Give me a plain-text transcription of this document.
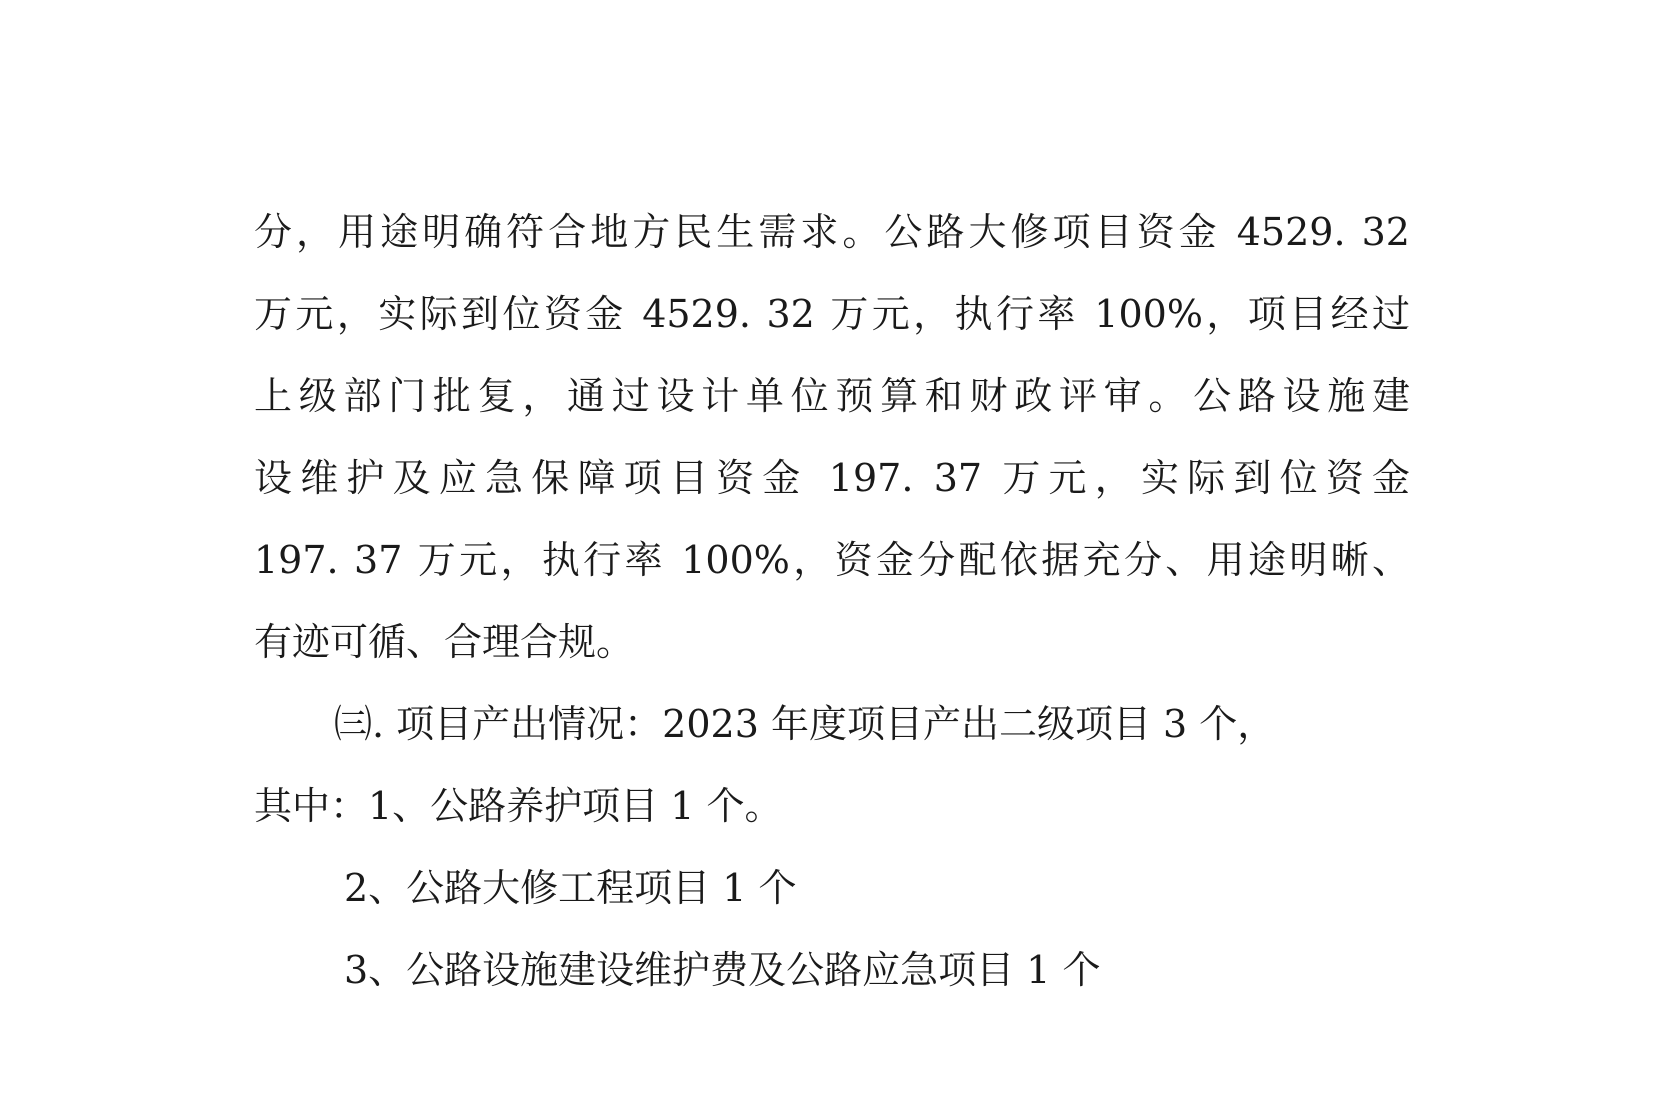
分，用途明确符合地方民生需求。公路大修项目资金 4529. 32
万元，实际到位资金 4529. 32 万元，执行率 100%，项目经过
上级部门批复，通过设计单位预算和财政评审。公路设施建
设维护及应急保障项目资金 197. 37 万元，实际到位资金
197. 37 万元，执行率 100%，资金分配依据充分、用途明晰、
有迹可循、合理合规。
㈢. 项目产出情况：2023 年度项目产出二级项目 3 个，
其中：1、公路养护项目 1 个。
2、公路大修工程项目 1 个
3、公路设施建设维护费及公路应急项目 1 个
